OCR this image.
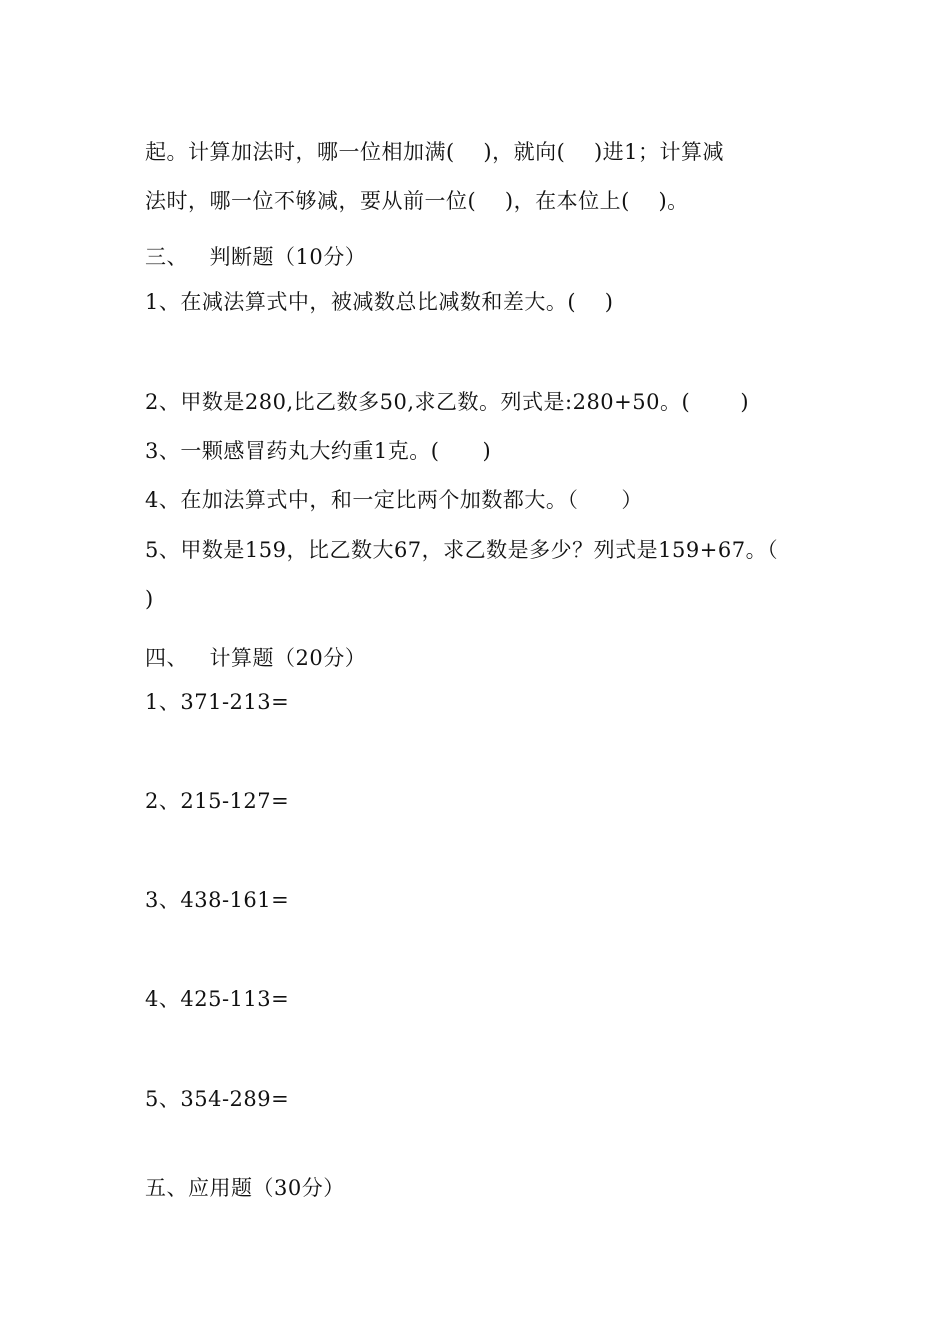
起。计算加法时，哪一位相加满(    )，就向(    )进1；计算减
法时，哪一位不够减，要从前一位(    )，在本位上(    )。
三、   判断题（10分）
1、在减法算式中，被减数总比减数和差大。(    )
2、甲数是280,比乙数多50,求乙数。列式是:280+50。(       )
3、一颗感冒药丸大约重1克。(      )
4、在加法算式中，和一定比两个加数都大。（      ）
5、甲数是159，比乙数大67，求乙数是多少？列式是159+67。（
)
四、   计算题（20分）
1、371-213=
2、215-127=
3、438-161=
4、425-113=
5、354-289=
五、应用题（30分）
